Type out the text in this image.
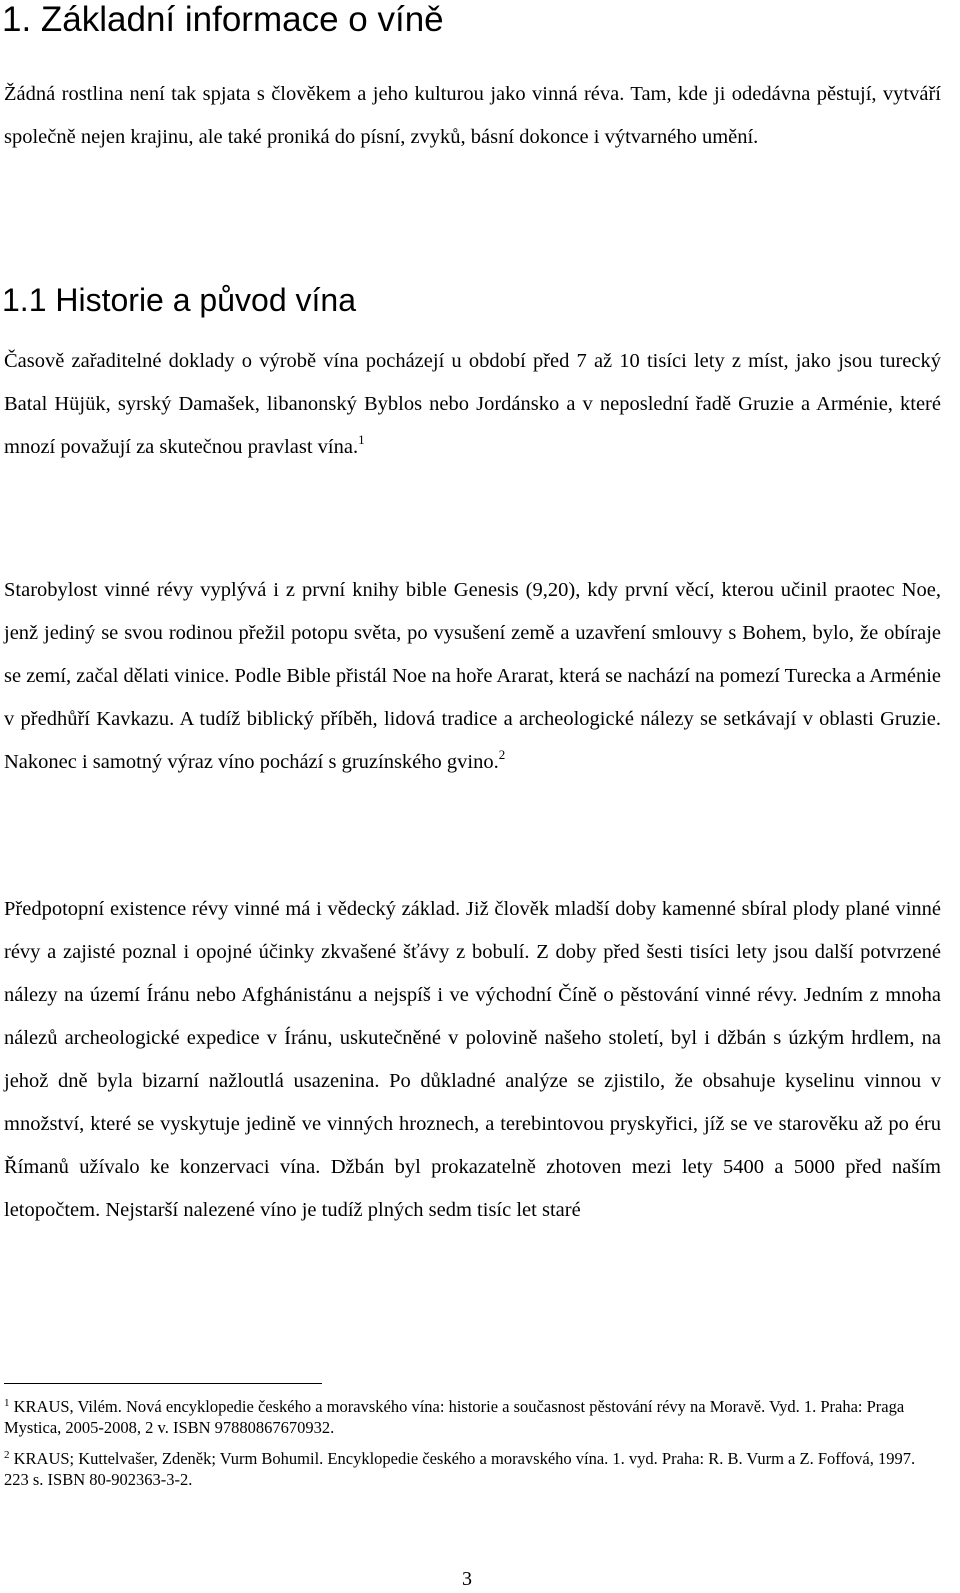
1. Základní informace o víně

Žádná rostlina není tak spjata s člověkem a jeho kulturou jako vinná réva. Tam, kde ji odedávna pěstují, vytváří společně nejen krajinu, ale také proniká do písní, zvyků, básní dokonce i výtvarného umění.

1.1 Historie a původ vína

Časově zařaditelné doklady o výrobě vína pocházejí u období před 7 až 10 tisíci lety z míst, jako jsou turecký Batal Hüjük, syrský Damašek, libanonský Byblos nebo Jordánsko a v neposlední řadě Gruzie a Arménie, které mnozí považují za skutečnou pravlast vína.$^1$

Starobylost vinné révy vyplývá i z první knihy bible Genesis (9,20), kdy první věcí, kterou učinil praotec Noe, jenž jediný se svou rodinou přežil potopu světa, po vysušení země a uzavření smlouvy s Bohem, bylo, že obíraje se zemí, začal dělati vinice. Podle Bible přistál Noe na hoře Ararat, která se nachází na pomezí Turecka a Arménie v předhůří Kavkazu. A tudíž biblický příběh, lidová tradice a archeologické nálezy se setkávají v oblasti Gruzie. Nakonec i samotný výraz víno pochází s gruzínského gvino.$^2$

Předpotopní existence révy vinné má i vědecký základ. Již člověk mladší doby kamenné sbíral plody plané vinné révy a zajisté poznal i opojné účinky zkvašené šťávy z bobulí. Z doby před šesti tisíci lety jsou další potvrzené nálezy na území Íránu nebo Afghánistánu a nejspíš i ve východní Číně o pěstování vinné révy. Jedním z mnoha nálezů archeologické expedice v Íránu, uskutečněné v polovině našeho století, byl i džbán s úzkým hrdlem, na jehož dně byla bizarní nažloutlá usazenina. Po důkladné analýze se zjistilo, že obsahuje kyselinu vinnou v množství, které se vyskytuje jedině ve vinných hroznech, a terebintovou pryskyřici, jíž se ve starověku až po éru Římanů užívalo ke konzervaci vína. Džbán byl prokazatelně zhotoven mezi lety 5400 a 5000 před naším letopočtem. Nejstarší nalezené víno je tudíž plných sedm tisíc let staré

$^1$ KRAUS, Vilém. Nová encyklopedie českého a moravského vína: historie a současnost pěstování révy na Moravě. Vyd. 1. Praha: Praga Mystica, 2005-2008, 2 v. ISBN 97880867670932.

$^2$ KRAUS; Kuttelvašer, Zdeněk; Vurm Bohumil. Encyklopedie českého a moravského vína. 1. vyd. Praha: R. B. Vurm a Z. Foffová, 1997. 223 s. ISBN 80-902363-3-2.

3
